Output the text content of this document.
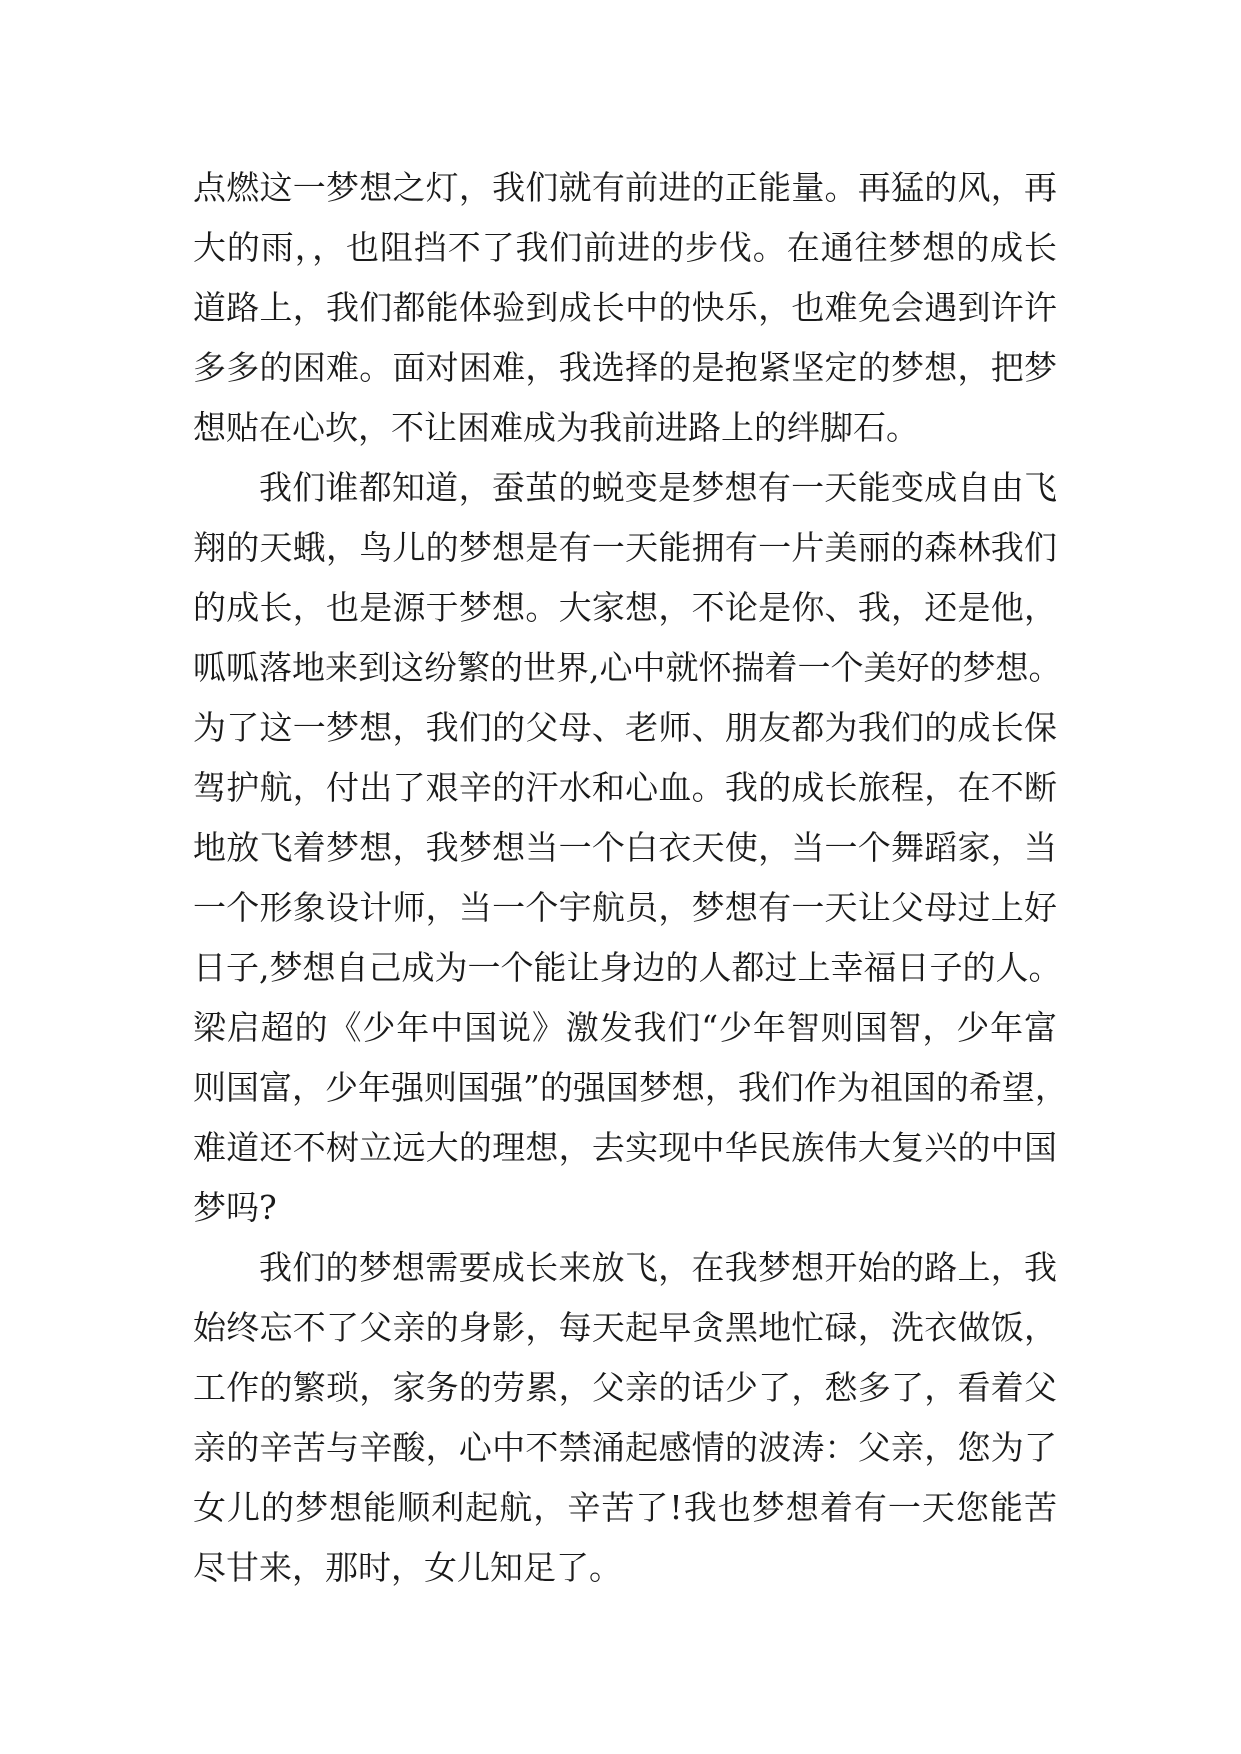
点燃这一梦想之灯，我们就有前进的正能量。再猛的风，再
大的雨，，也阻挡不了我们前进的步伐。在通往梦想的成长
道路上，我们都能体验到成长中的快乐，也难免会遇到许许
多多的困难。面对困难，我选择的是抱紧坚定的梦想，把梦
想贴在心坎，不让困难成为我前进路上的绊脚石。
我们谁都知道，蚕茧的蜕变是梦想有一天能变成自由飞
翔的天蛾，鸟儿的梦想是有一天能拥有一片美丽的森林我们
的成长，也是源于梦想。大家想，不论是你、我，还是他，
呱呱落地来到这纷繁的世界,心中就怀揣着一个美好的梦想。
为了这一梦想，我们的父母、老师、朋友都为我们的成长保
驾护航，付出了艰辛的汗水和心血。我的成长旅程，在不断
地放飞着梦想，我梦想当一个白衣天使，当一个舞蹈家，当
一个形象设计师，当一个宇航员，梦想有一天让父母过上好
日子,梦想自己成为一个能让身边的人都过上幸福日子的人。
梁启超的《少年中国说》激发我们“少年智则国智，少年富
则国富，少年强则国强”的强国梦想，我们作为祖国的希望，
难道还不树立远大的理想，去实现中华民族伟大复兴的中国
梦吗?
我们的梦想需要成长来放飞，在我梦想开始的路上，我
始终忘不了父亲的身影，每天起早贪黑地忙碌，洗衣做饭，
工作的繁琐，家务的劳累，父亲的话少了，愁多了，看着父
亲的辛苦与辛酸，心中不禁涌起感情的波涛：父亲，您为了
女儿的梦想能顺利起航，辛苦了!我也梦想着有一天您能苦
尽甘来，那时，女儿知足了。
